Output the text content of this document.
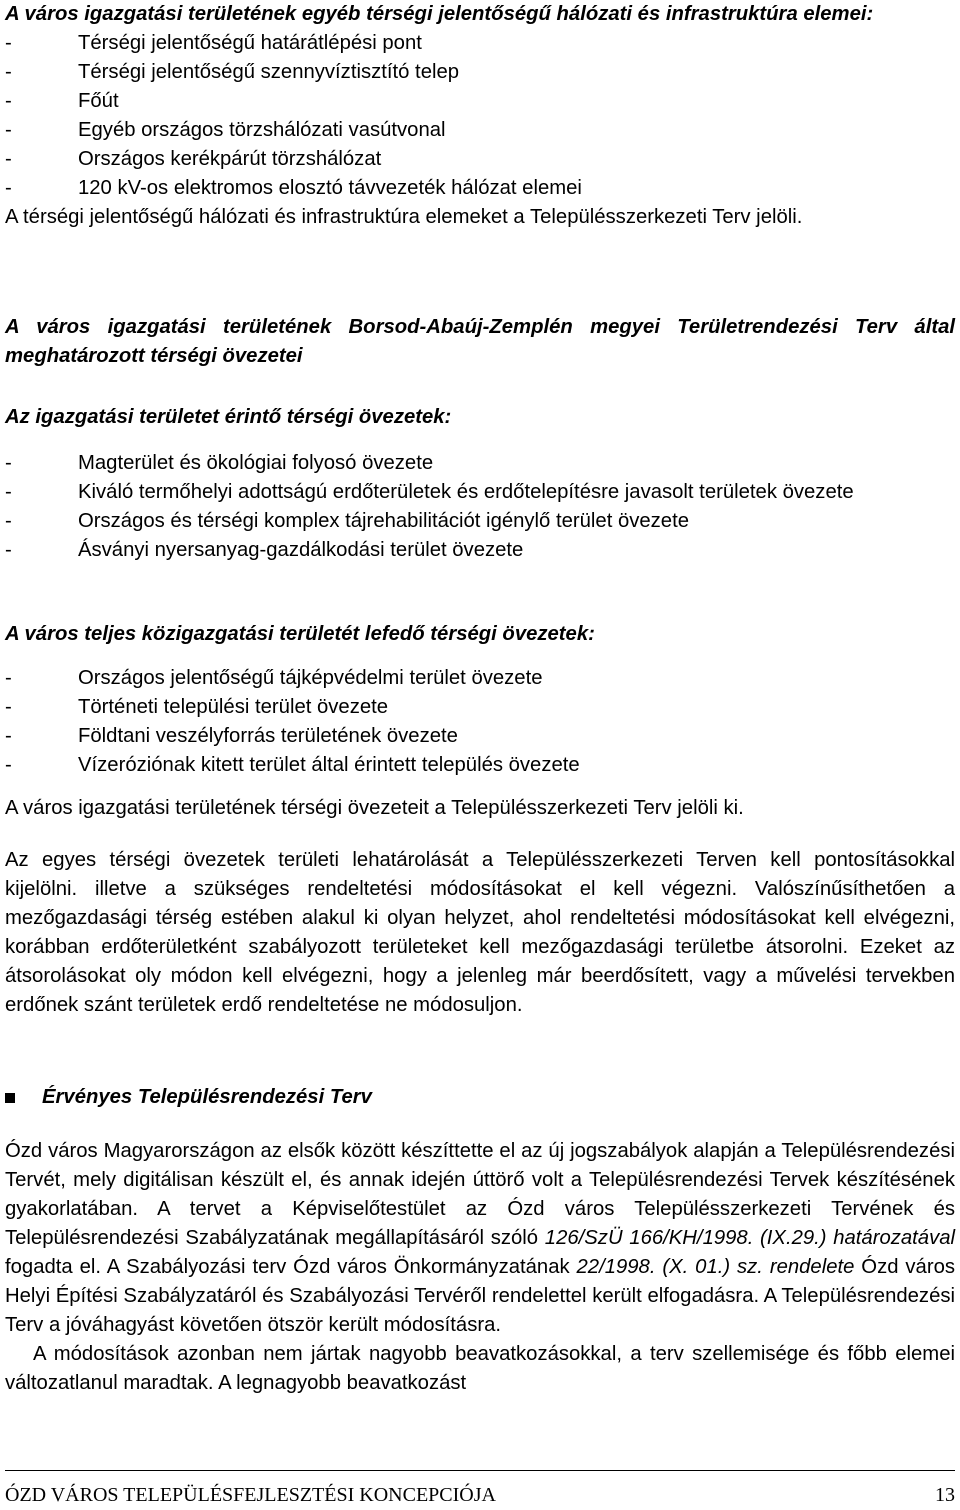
A város igazgatási területének egyéb térségi jelentőségű hálózati és infrastruktúra elemei:
- Térségi jelentőségű határátlépési pont
- Térségi jelentőségű szennyvíztisztító telep
- Főút
- Egyéb országos törzshálózati vasútvonal
- Országos kerékpárút törzshálózat
- 120 kV-os elektromos elosztó távvezeték hálózat elemei

A térségi jelentőségű hálózati és infrastruktúra elemeket a Településszerkezeti Terv jelöli.

A város igazgatási területének Borsod-Abaúj-Zemplén megyei Területrendezési Terv által meghatározott térségi övezetei
Az igazgatási területet érintő térségi övezetek:
- Magterület és ökológiai folyosó övezete
- Kiváló termőhelyi adottságú erdőterületek és erdőtelepítésre javasolt területek övezete
- Országos és térségi komplex tájrehabilitációt igénylő terület övezete
- Ásványi nyersanyag-gazdálkodási terület övezete
A város teljes közigazgatási területét lefedő térségi övezetek:
- Országos jelentőségű tájképvédelmi terület övezete
- Történeti települési terület övezete
- Földtani veszélyforrás területének övezete
- Vízeróziónak kitett terület által érintett település övezete

A város igazgatási területének térségi övezeteit a Településszerkezeti Terv jelöli ki.

Az egyes térségi övezetek területi lehatárolását a Településszerkezeti Terven kell pontosításokkal kijelölni. illetve a szükséges rendeltetési módosításokat el kell végezni. Valószínűsíthetően a mezőgazdasági térség estében alakul ki olyan helyzet, ahol rendeltetési módosításokat kell elvégezni, korábban erdőterületként szabályozott területeket kell mezőgazdasági területbe átsorolni. Ezeket az átsorolásokat oly módon kell elvégezni, hogy a jelenleg már beerdősített, vagy a művelési tervekben erdőnek szánt területek erdő rendeltetése ne módosuljon.

Érvényes Településrendezési Terv

Ózd város Magyarországon az elsők között készíttette el az új jogszabályok alapján a Településrendezési Tervét, mely digitálisan készült el, és annak idején úttörő volt a Településrendezési Tervek készítésének gyakorlatában. A tervet a Képviselőtestület az Ózd város Településszerkezeti Tervének és Településrendezési Szabályzatának megállapításáról szóló 126/SzÜ 166/KH/1998. (IX.29.) határozatával fogadta el. A Szabályozási terv Ózd város Önkormányzatának 22/1998. (X. 01.) sz. rendelete Ózd város Helyi Építési Szabályzatáról és Szabályozási Tervéről rendelettel került elfogadásra. A Településrendezési Terv a jóváhagyást követően ötször került módosításra.

A módosítások azonban nem jártak nagyobb beavatkozásokkal, a terv szellemisége és főbb elemei változatlanul maradtak. A legnagyobb beavatkozást

ÓZD VÁROS TELEPÜLÉSFEJLESZTÉSI KONCEPCIÓJA	13
